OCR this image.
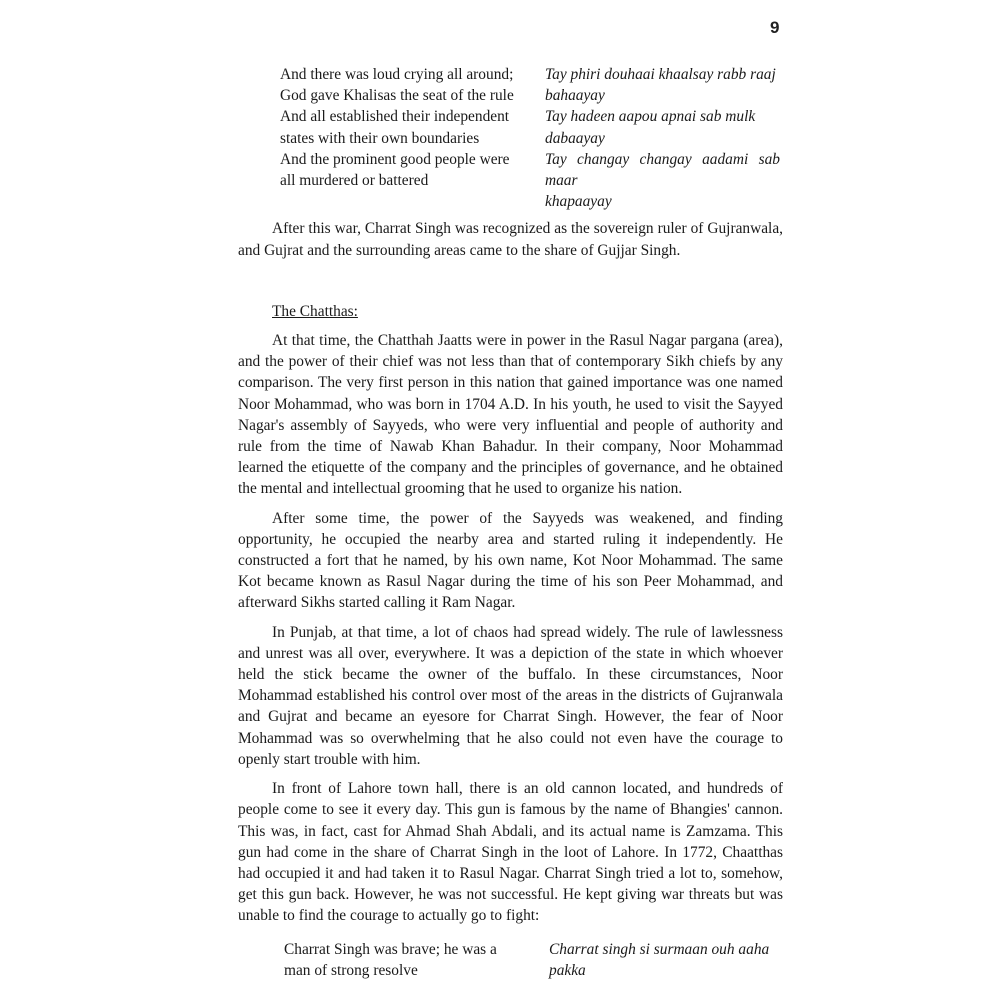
9
And there was loud crying all around;
God gave Khalisas the seat of the rule
And all established their independent
states with their own boundaries
And the prominent good people were
all murdered or battered
Tay phiri douhaai khaalsay rabb raaj
bahaayay
Tay hadeen aapou apnai sab mulk
dabaayay
Tay changay changay aadami sab maar
khapaayay

After this war, Charrat Singh was recognized as the sovereign ruler of Gujranwala, and Gujrat and the surrounding areas came to the share of Gujjar Singh.

The Chatthas:

At that time, the Chatthah Jaatts were in power in the Rasul Nagar pargana (area), and the power of their chief was not less than that of contemporary Sikh chiefs by any comparison. The very first person in this nation that gained importance was one named Noor Mohammad, who was born in 1704 A.D. In his youth, he used to visit the Sayyed Nagar's assembly of Sayyeds, who were very influential and people of authority and rule from the time of Nawab Khan Bahadur. In their company, Noor Mohammad learned the etiquette of the company and the principles of governance, and he obtained the mental and intellectual grooming that he used to organize his nation.

After some time, the power of the Sayyeds was weakened, and finding opportunity, he occupied the nearby area and started ruling it independently. He constructed a fort that he named, by his own name, Kot Noor Mohammad. The same Kot became known as Rasul Nagar during the time of his son Peer Mohammad, and afterward Sikhs started calling it Ram Nagar.

In Punjab, at that time, a lot of chaos had spread widely. The rule of lawlessness and unrest was all over, everywhere. It was a depiction of the state in which whoever held the stick became the owner of the buffalo. In these circumstances, Noor Mohammad established his control over most of the areas in the districts of Gujranwala and Gujrat and became an eyesore for Charrat Singh. However, the fear of Noor Mohammad was so overwhelming that he also could not even have the courage to openly start trouble with him.

In front of Lahore town hall, there is an old cannon located, and hundreds of people come to see it every day. This gun is famous by the name of Bhangies' cannon. This was, in fact, cast for Ahmad Shah Abdali, and its actual name is Zamzama. This gun had come in the share of Charrat Singh in the loot of Lahore. In 1772, Chaatthas had occupied it and had taken it to Rasul Nagar. Charrat Singh tried a lot to, somehow, get this gun back. However, he was not successful. He kept giving war threats but was unable to find the courage to actually go to fight:

Charrat Singh was brave; he was a
man of strong resolve
Charrat singh si surmaan ouh aaha
pakka
